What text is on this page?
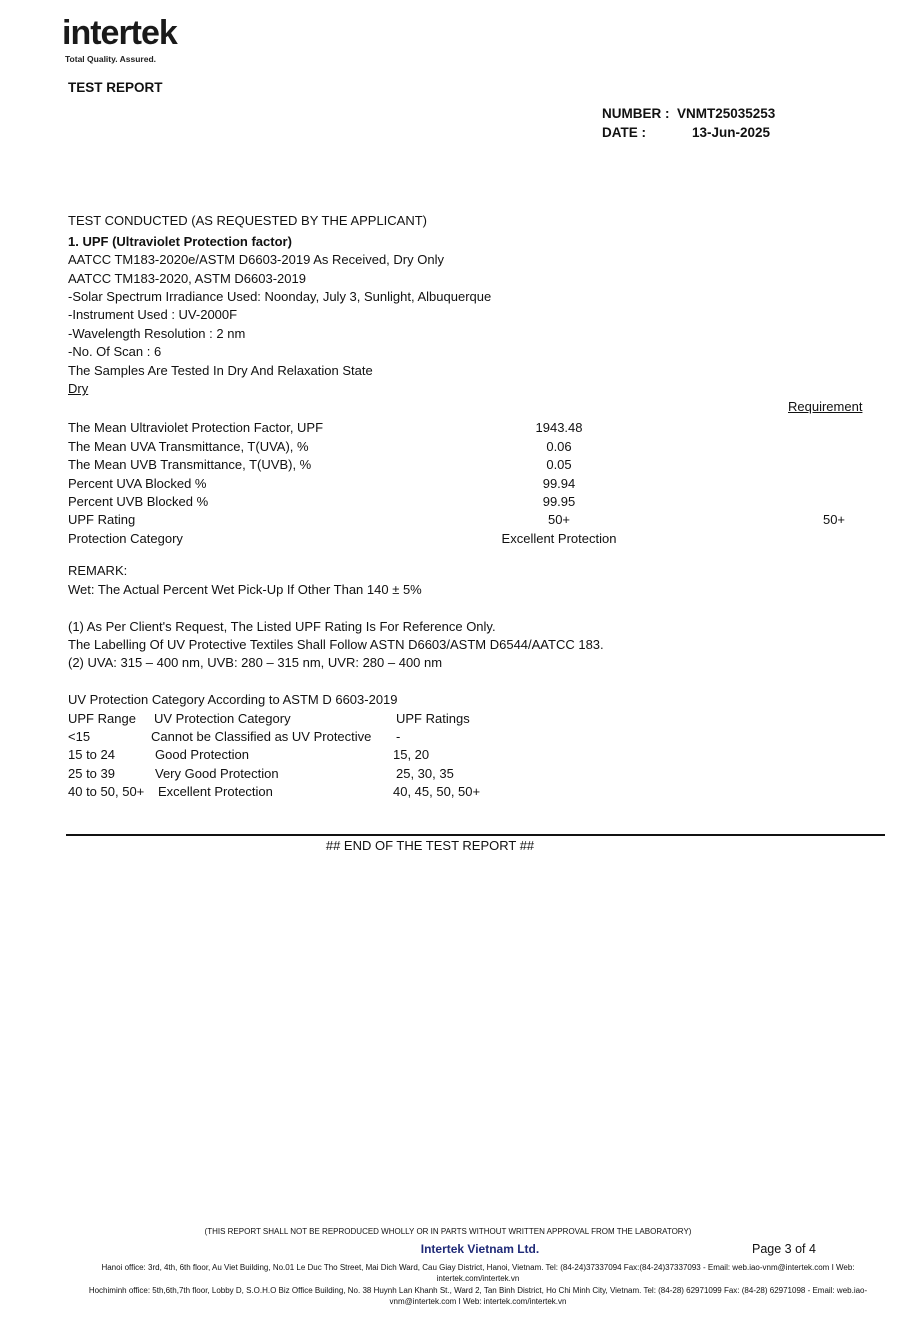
intertek
Total Quality. Assured.
TEST REPORT
NUMBER : VNMT25035253
DATE :	13-Jun-2025
TEST CONDUCTED (AS REQUESTED BY THE APPLICANT)
1. UPF (Ultraviolet Protection factor)
AATCC TM183-2020e/ASTM D6603-2019 As Received, Dry Only
AATCC TM183-2020, ASTM D6603-2019
-Solar Spectrum Irradiance Used: Noonday, July 3, Sunlight, Albuquerque
-Instrument Used : UV-2000F
-Wavelength Resolution : 2 nm
-No. Of Scan : 6
The Samples Are Tested In Dry And Relaxation State
Dry
Requirement
The Mean Ultraviolet Protection Factor, UPF	1943.48
The Mean UVA Transmittance, T(UVA), %	0.06
The Mean UVB Transmittance, T(UVB), %	0.05
Percent UVA Blocked %	99.94
Percent UVB Blocked %	99.95
UPF Rating	50+	50+
Protection Category	Excellent Protection
REMARK:
Wet: The Actual Percent Wet Pick-Up If Other Than 140 ± 5%
(1) As Per Client's Request, The Listed UPF Rating Is For Reference Only.
The Labelling Of UV Protective Textiles Shall Follow ASTN D6603/ASTM D6544/AATCC 183.
(2) UVA: 315 – 400 nm, UVB: 280 – 315 nm, UVR: 280 – 400 nm
UV Protection Category According to ASTM D 6603-2019
UPF Range UV Protection Category	UPF Ratings
<15	Cannot be Classified as UV Protective -
15 to 24	Good Protection	15, 20
25 to 39	Very Good Protection	25, 30, 35
40 to 50, 50+ Excellent Protection	40, 45, 50, 50+
## END OF THE TEST REPORT ##
(THIS REPORT SHALL NOT BE REPRODUCED WHOLLY OR IN PARTS WITHOUT WRITTEN APPROVAL FROM THE LABORATORY)
Intertek Vietnam Ltd.	Page 3 of 4
Hanoi office: 3rd, 4th, 6th floor, Au Viet Building, No.01 Le Duc Tho Street, Mai Dich Ward, Cau Giay District, Hanoi, Vietnam. Tel: (84-24)37337094 Fax:(84-24)37337093 - Email: web.iao-vnm@intertek.com I Web: intertek.com/intertek.vn
Hochiminh office: 5th,6th,7th floor, Lobby D, S.O.H.O Biz Office Building, No. 38 Huynh Lan Khanh St., Ward 2, Tan Binh District, Ho Chi Minh City, Vietnam. Tel: (84-28) 62971099 Fax: (84-28) 62971098 - Email: web.iao-vnm@intertek.com I Web: intertek.com/intertek.vn
